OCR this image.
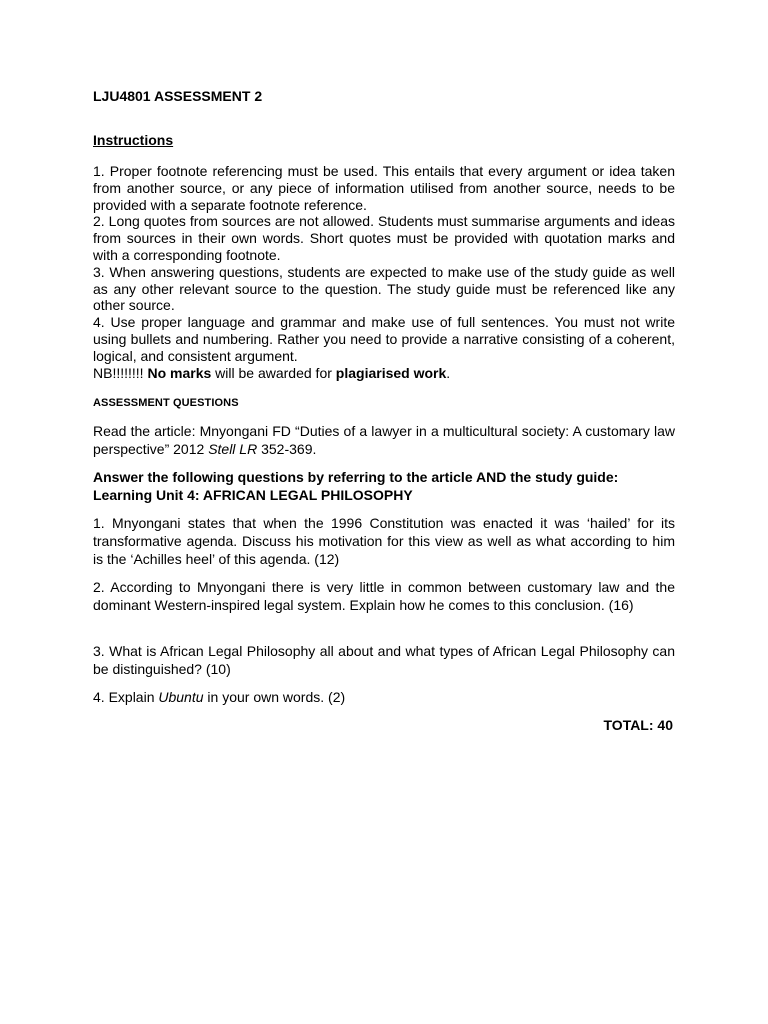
LJU4801 ASSESSMENT 2
Instructions

1. Proper footnote referencing must be used. This entails that every argument or idea taken from another source, or any piece of information utilised from another source, needs to be provided with a separate footnote reference.

2. Long quotes from sources are not allowed. Students must summarise arguments and ideas from sources in their own words. Short quotes must be provided with quotation marks and with a corresponding footnote.

3. When answering questions, students are expected to make use of the study guide as well as any other relevant source to the question. The study guide must be referenced like any other source.

4. Use proper language and grammar and make use of full sentences. You must not write using bullets and numbering. Rather you need to provide a narrative consisting of a coherent, logical, and consistent argument.

NB!!!!!!!! No marks will be awarded for plagiarised work.

ASSESSMENT QUESTIONS

Read the article: Mnyongani FD “Duties of a lawyer in a multicultural society: A customary law perspective” 2012 Stell LR 352-369.

Answer the following questions by referring to the article AND the study guide:
Learning Unit 4: AFRICAN LEGAL PHILOSOPHY

1. Mnyongani states that when the 1996 Constitution was enacted it was ‘hailed’ for its transformative agenda. Discuss his motivation for this view as well as what according to him is the ‘Achilles heel’ of this agenda. (12)

2. According to Mnyongani there is very little in common between customary law and the dominant Western-inspired legal system. Explain how he comes to this conclusion. (16)

3. What is African Legal Philosophy all about and what types of African Legal Philosophy can be distinguished? (10)

4. Explain Ubuntu in your own words. (2)

TOTAL: 40
